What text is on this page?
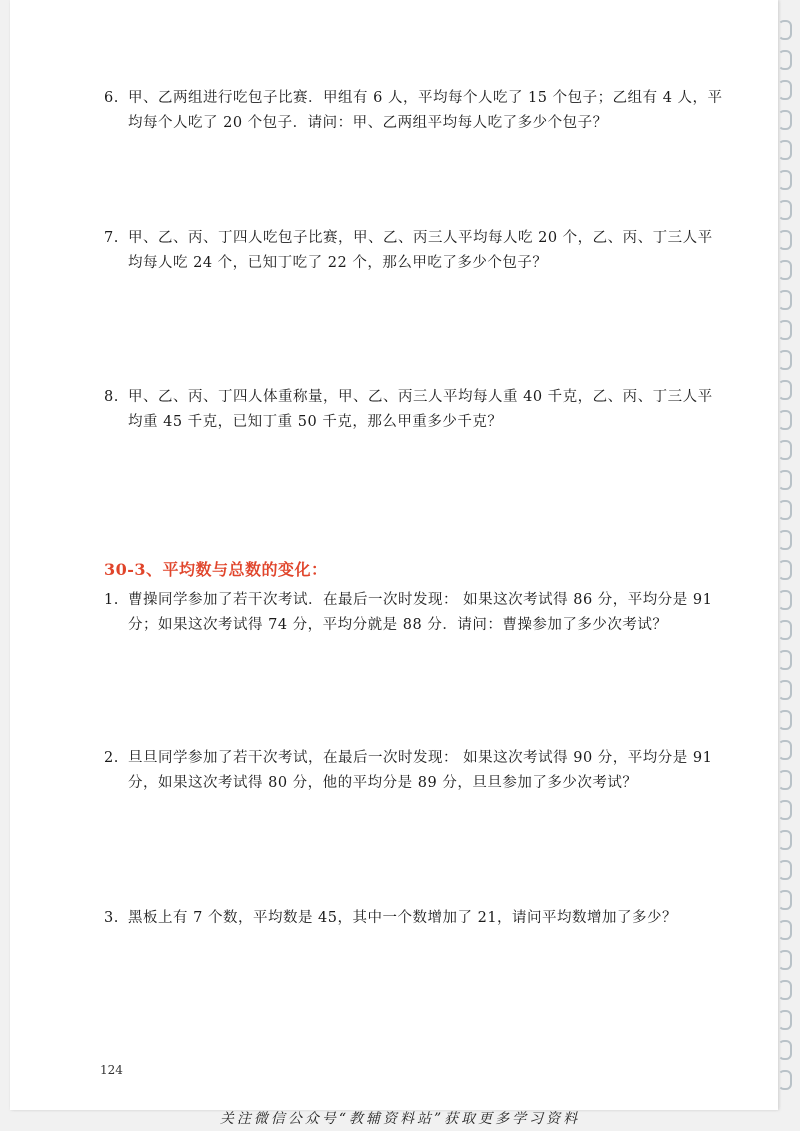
6. 甲、乙两组进行吃包子比赛．甲组有 6 人，平均每个人吃了 15 个包子；乙组有 4 人，平
均每个人吃了 20 个包子．请问：甲、乙两组平均每人吃了多少个包子？
7. 甲、乙、丙、丁四人吃包子比赛，甲、乙、丙三人平均每人吃 20 个，乙、丙、丁三人平
均每人吃 24 个，已知丁吃了 22 个，那么甲吃了多少个包子？
8. 甲、乙、丙、丁四人体重称量，甲、乙、丙三人平均每人重 40 千克，乙、丙、丁三人平
均重 45 千克，已知丁重 50 千克，那么甲重多少千克？
30-3、平均数与总数的变化：
1. 曹操同学参加了若干次考试．在最后一次时发现： 如果这次考试得 86 分，平均分是 91
分；如果这次考试得 74 分，平均分就是 88 分．请问：曹操参加了多少次考试？
2. 旦旦同学参加了若干次考试，在最后一次时发现： 如果这次考试得 90 分，平均分是 91
分，如果这次考试得 80 分，他的平均分是 89 分，旦旦参加了多少次考试？
3. 黑板上有 7 个数，平均数是 45，其中一个数增加了 21，请问平均数增加了多少？
124
关注微信公众号“教辅资料站”获取更多学习资料
